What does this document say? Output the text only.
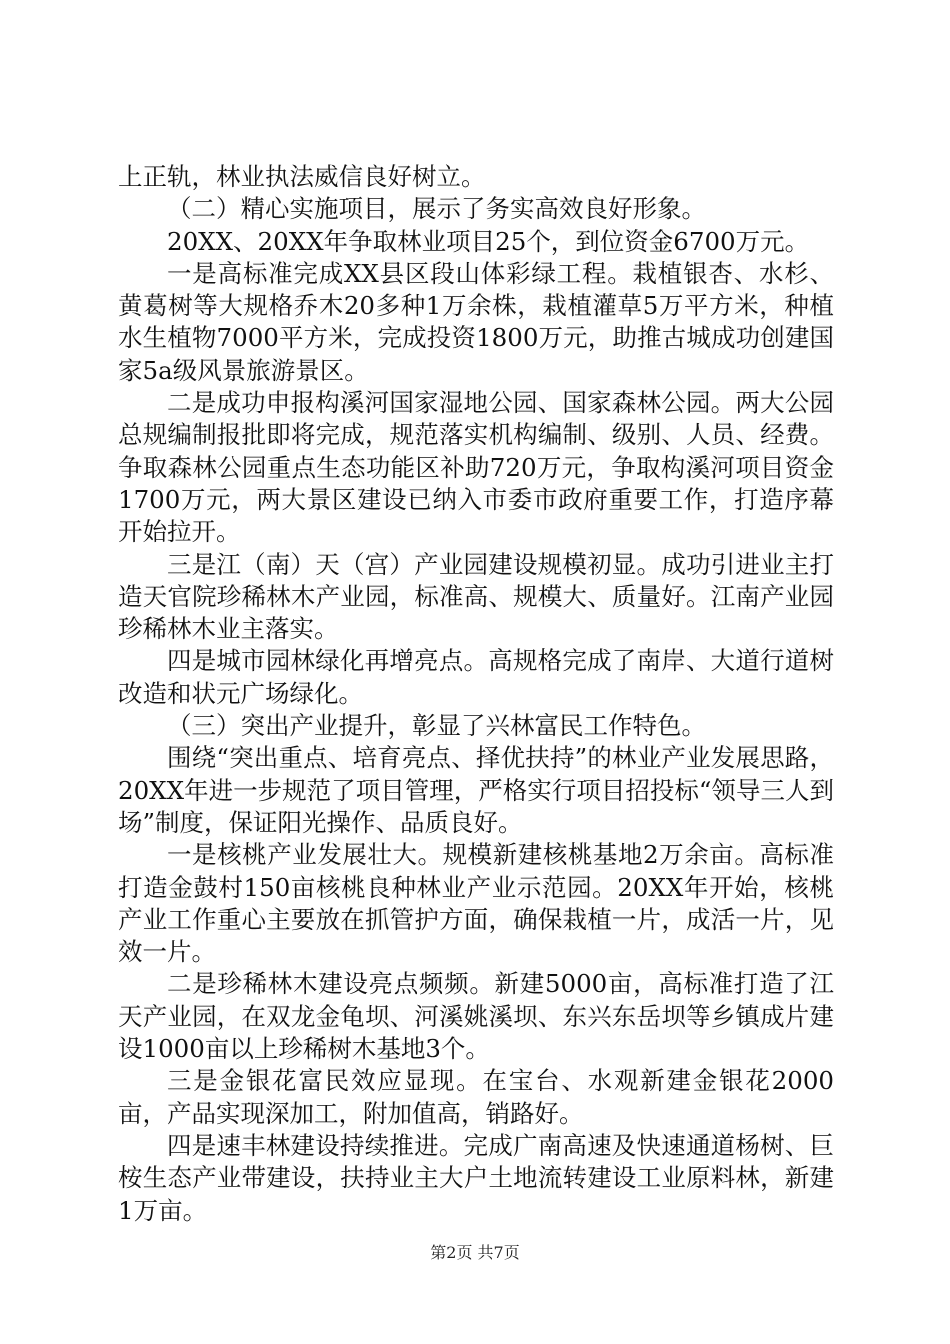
上正轨，林业执法威信良好树立。

（二）精心实施项目，展示了务实高效良好形象。

20XX、20XX年争取林业项目25个，到位资金6700万元。

一是高标准完成XX县区段山体彩绿工程。栽植银杏、水杉、黄葛树等大规格乔木20多种1万余株，栽植灌草5万平方米，种植水生植物7000平方米，完成投资1800万元，助推古城成功创建国家5a级风景旅游景区。

二是成功申报构溪河国家湿地公园、国家森林公园。两大公园总规编制报批即将完成，规范落实机构编制、级别、人员、经费。争取森林公园重点生态功能区补助720万元，争取构溪河项目资金1700万元，两大景区建设已纳入市委市政府重要工作，打造序幕开始拉开。

三是江（南）天（宫）产业园建设规模初显。成功引进业主打造天官院珍稀林木产业园，标准高、规模大、质量好。江南产业园珍稀林木业主落实。

四是城市园林绿化再增亮点。高规格完成了南岸、大道行道树改造和状元广场绿化。

（三）突出产业提升，彰显了兴林富民工作特色。

围绕“突出重点、培育亮点、择优扶持”的林业产业发展思路，20XX年进一步规范了项目管理，严格实行项目招投标“领导三人到场”制度，保证阳光操作、品质良好。

一是核桃产业发展壮大。规模新建核桃基地2万余亩。高标准打造金鼓村150亩核桃良种林业产业示范园。20XX年开始，核桃产业工作重心主要放在抓管护方面，确保栽植一片，成活一片，见效一片。

二是珍稀林木建设亮点频频。新建5000亩，高标准打造了江天产业园，在双龙金龟坝、河溪姚溪坝、东兴东岳坝等乡镇成片建设1000亩以上珍稀树木基地3个。

三是金银花富民效应显现。在宝台、水观新建金银花2000亩，产品实现深加工，附加值高，销路好。

四是速丰林建设持续推进。完成广南高速及快速通道杨树、巨桉生态产业带建设，扶持业主大户土地流转建设工业原料林，新建1万亩。

第2页 共7页
